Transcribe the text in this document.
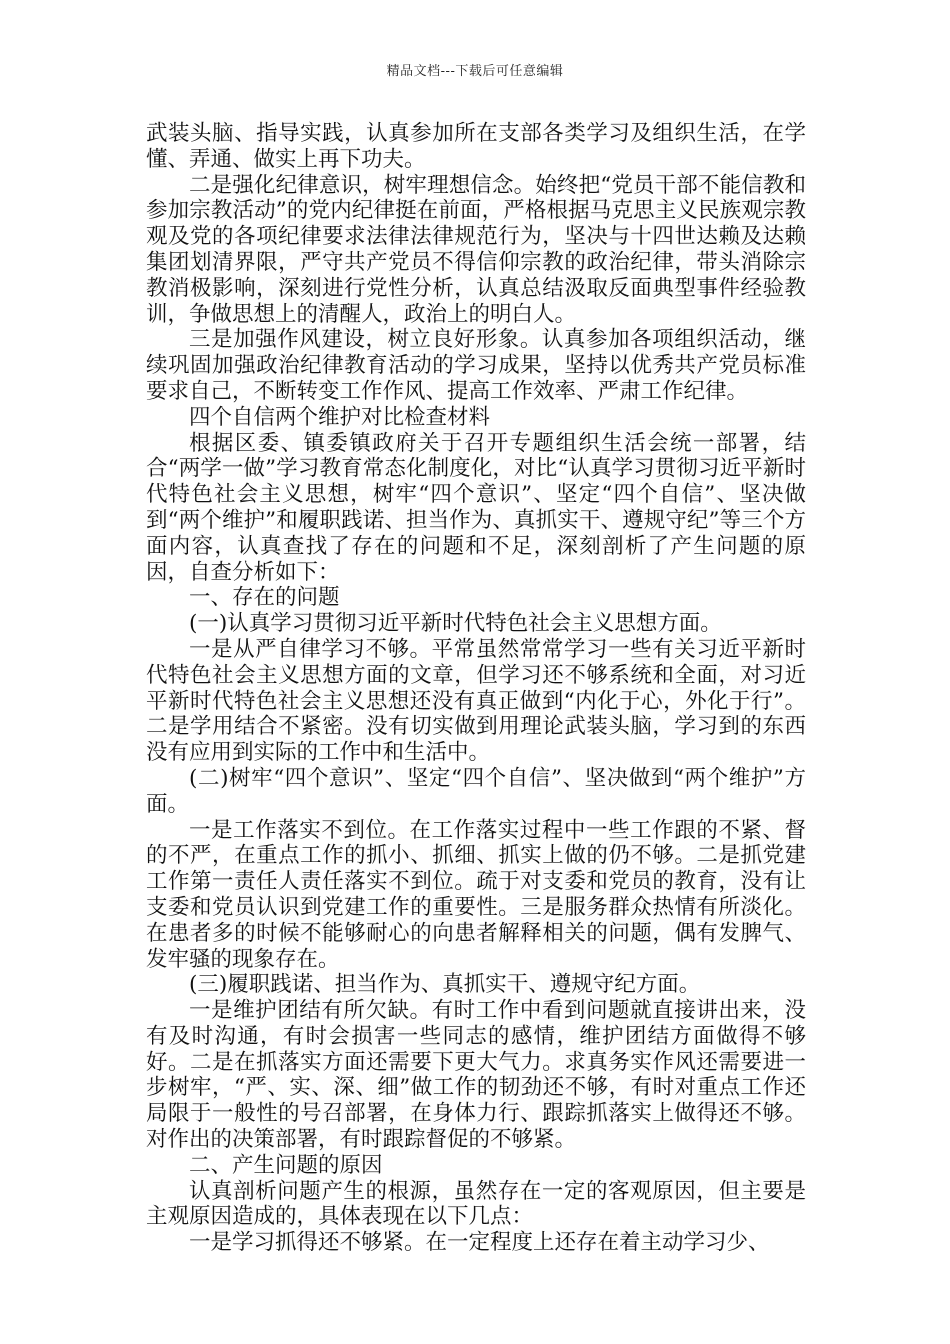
精品文档---下载后可任意编辑

武装头脑、指导实践，认真参加所在支部各类学习及组织生活，在学懂、弄通、做实上再下功夫。

二是强化纪律意识，树牢理想信念。始终把“党员干部不能信教和参加宗教活动”的党内纪律挺在前面，严格根据马克思主义民族观宗教观及党的各项纪律要求法律法律规范行为，坚决与十四世达赖及达赖集团划清界限，严守共产党员不得信仰宗教的政治纪律，带头消除宗教消极影响，深刻进行党性分析，认真总结汲取反面典型事件经验教训，争做思想上的清醒人，政治上的明白人。

三是加强作风建设，树立良好形象。认真参加各项组织活动，继续巩固加强政治纪律教育活动的学习成果，坚持以优秀共产党员标准要求自己，不断转变工作作风、提高工作效率、严肃工作纪律。

四个自信两个维护对比检查材料

根据区委、镇委镇政府关于召开专题组织生活会统一部署，结合“两学一做”学习教育常态化制度化，对比“认真学习贯彻习近平新时代特色社会主义思想，树牢“四个意识”、坚定“四个自信”、坚决做到“两个维护”和履职践诺、担当作为、真抓实干、遵规守纪”等三个方面内容，认真查找了存在的问题和不足，深刻剖析了产生问题的原因，自查分析如下：

一、存在的问题

(一)认真学习贯彻习近平新时代特色社会主义思想方面。

一是从严自律学习不够。平常虽然常常学习一些有关习近平新时代特色社会主义思想方面的文章，但学习还不够系统和全面，对习近平新时代特色社会主义思想还没有真正做到“内化于心，外化于行”。二是学用结合不紧密。没有切实做到用理论武装头脑，学习到的东西没有应用到实际的工作中和生活中。

(二)树牢“四个意识”、坚定“四个自信”、坚决做到“两个维护”方面。

一是工作落实不到位。在工作落实过程中一些工作跟的不紧、督的不严，在重点工作的抓小、抓细、抓实上做的仍不够。二是抓党建工作第一责任人责任落实不到位。疏于对支委和党员的教育，没有让支委和党员认识到党建工作的重要性。三是服务群众热情有所淡化。在患者多的时候不能够耐心的向患者解释相关的问题，偶有发脾气、发牢骚的现象存在。

(三)履职践诺、担当作为、真抓实干、遵规守纪方面。

一是维护团结有所欠缺。有时工作中看到问题就直接讲出来，没有及时沟通，有时会损害一些同志的感情，维护团结方面做得不够好。二是在抓落实方面还需要下更大气力。求真务实作风还需要进一步树牢，“严、实、深、细”做工作的韧劲还不够，有时对重点工作还局限于一般性的号召部署，在身体力行、跟踪抓落实上做得还不够。对作出的决策部署，有时跟踪督促的不够紧。

二、产生问题的原因

认真剖析问题产生的根源，虽然存在一定的客观原因，但主要是主观原因造成的，具体表现在以下几点：

一是学习抓得还不够紧。在一定程度上还存在着主动学习少、
